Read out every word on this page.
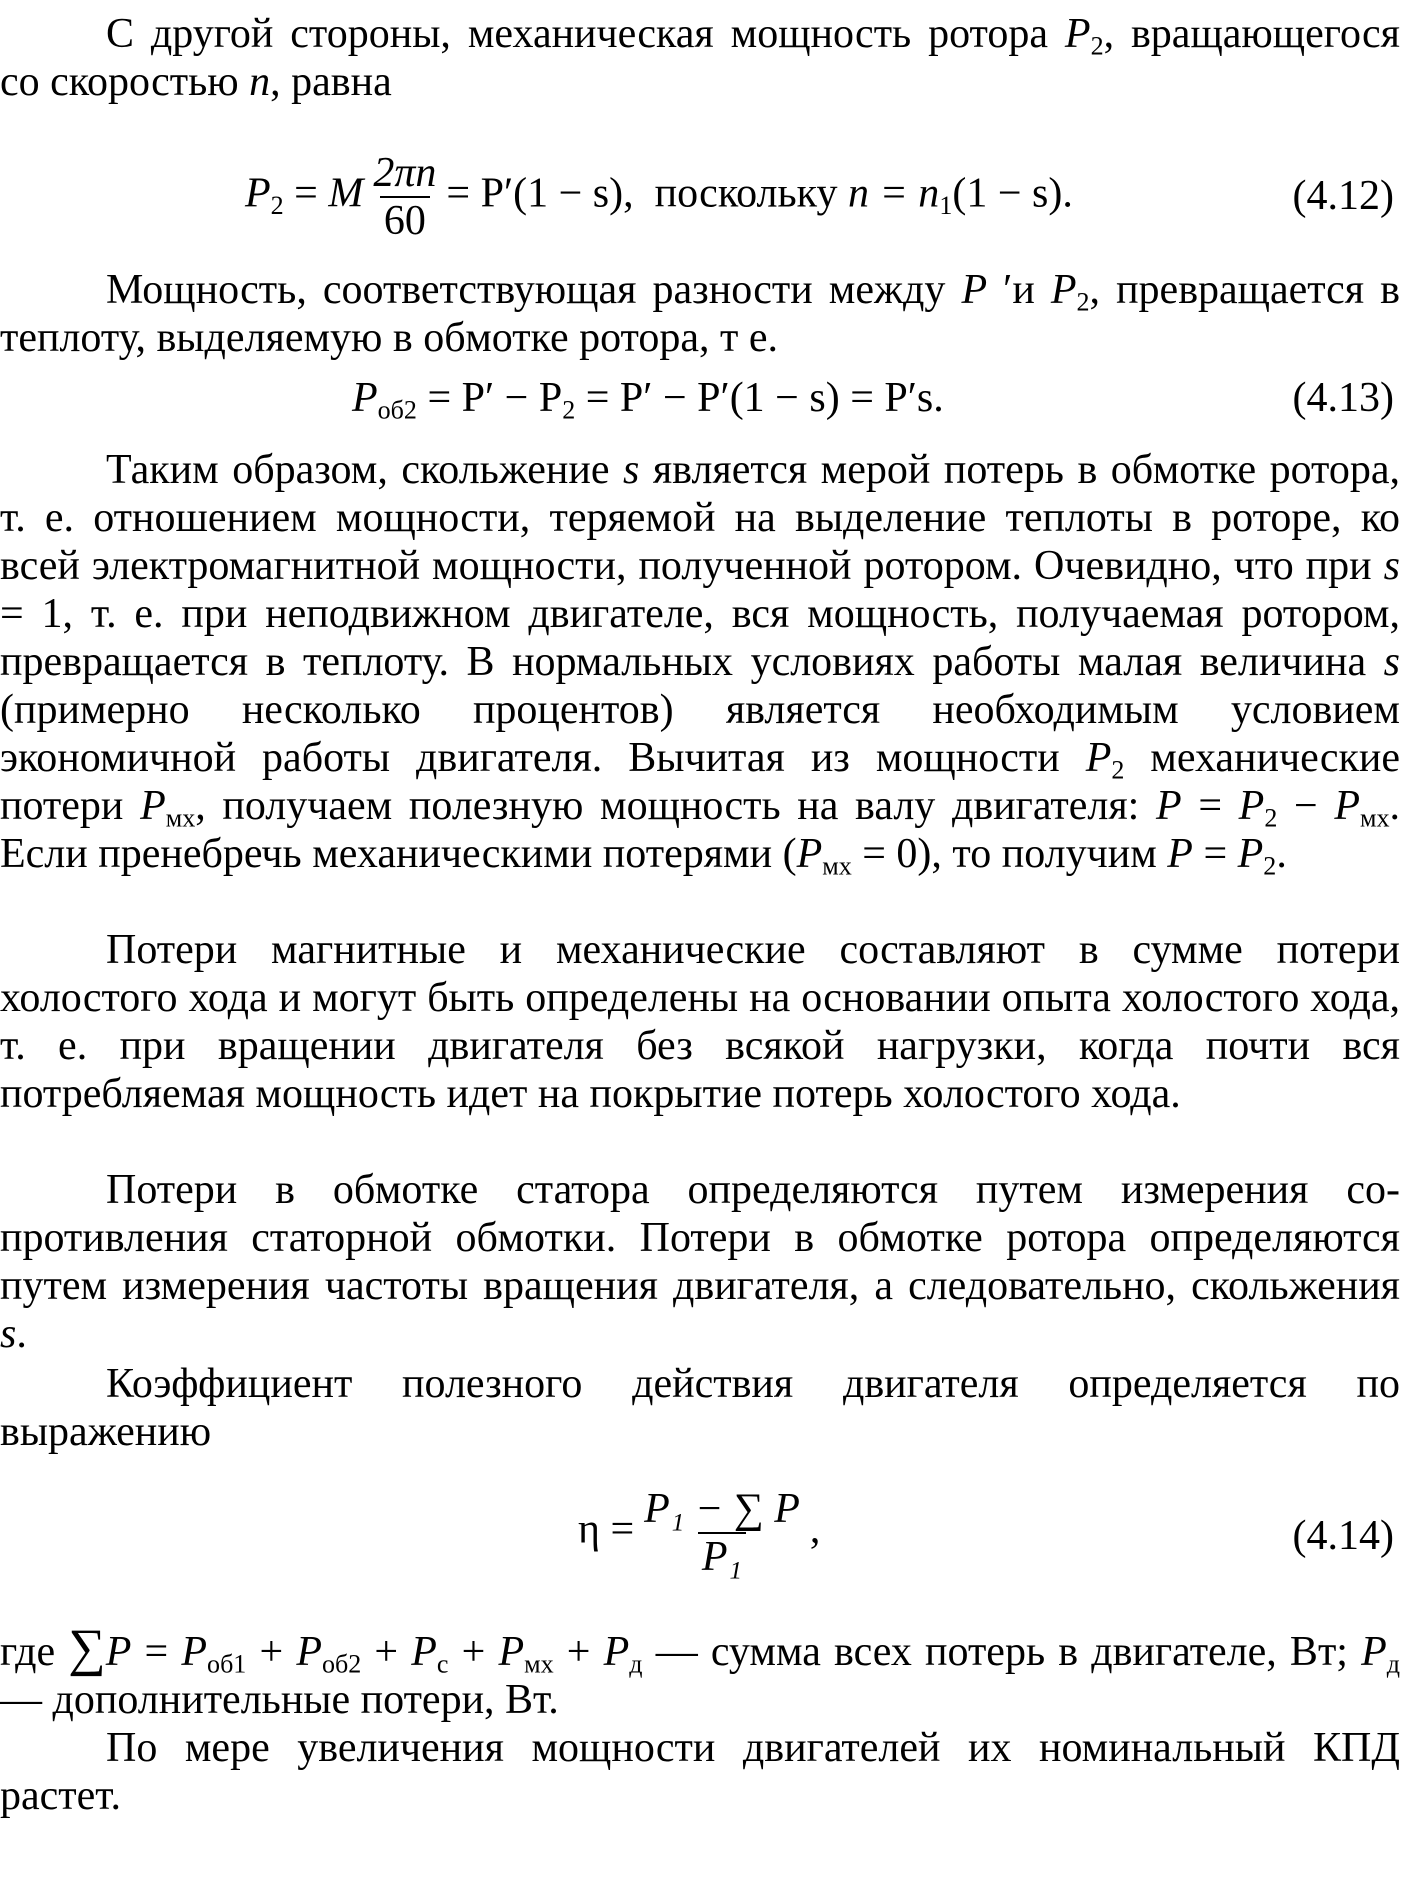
С другой стороны, механическая мощность ротора $P_2$, вращающегося со скоростью n, равна

$P_2 = M \frac{2\pi n}{60} = P'(1 - s)$, поскольку $n = n_1(1 - s)$.	(4.12)

Мощность, соответствующая разности между P ′и $P_2$, превращается в теплоту, выделяемую в обмотке ротора, т е.

$P_{об2} = P' - P_2 = P' - P'(1 - s) = P's$.	(4.13)

Таким образом, скольжение s является мерой потерь в обмотке ротора, т. е. отношением мощности, теряемой на выделение теплоты в роторе, ко всей электромагнитной мощности, полученной ротором. Очевидно, что при s = 1, т. е. при неподвижном двигателе, вся мощность, получаемая ротором, превращается в теплоту. В нормальных условиях работы малая величина s (примерно несколько процентов) является необходимым условием экономичной работы двигателя. Вычитая из мощности $P_2$ механические потери $P_{мх}$, получаем полезную мощность на валу двигателя: $P = P_2 - P_{мх}$. Если пренебречь механическими потерями $(P_{мх} = 0)$, то получим $P = P_2$.

Потери магнитные и механические составляют в сумме потери холостого хода и могут быть определены на основании опыта холостого хода, т. е. при вращении двигателя без всякой нагрузки, когда почти вся потребляемая мощность идет на покрытие потерь холостого хода.

Потери в обмотке статора определяются путем измерения сопротивления статорной обмотки. Потери в обмотке ротора определяются путем измерения частоты вращения двигателя, а следовательно, скольжения s.

Коэффициент полезного действия двигателя определяется по выражению

$\eta = \frac{\text{P₁ − ∑ P}}{\text{P₁}}$ ,	(4.14)

где $\sum P = P_{об1} + P_{об2} + P_с + P_{мх} + P_д$ — сумма всех потерь в двигателе, Вт; $P_д$ — дополнительные потери, Вт.

По мере увеличения мощности двигателей их номинальный КПД растет.
